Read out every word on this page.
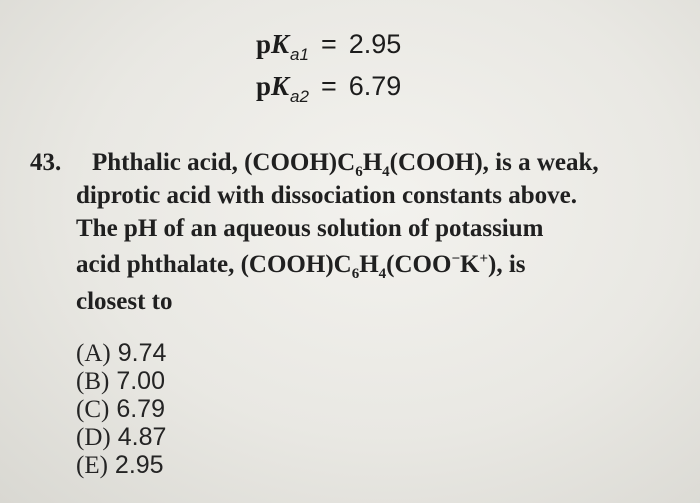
$pK_{a1} = 2.95$
$pK_{a2} = 6.79$
43. Phthalic acid, $(COOH)C_6H_4(COOH)$, is a weak,
diprotic acid with dissociation constants above.
The pH of an aqueous solution of potassium
acid phthalate, $(COOH)C_6H_4(COO^-K^+)$, is
closest to
(A) 9.74
(B) 7.00
(C) 6.79
(D) 4.87
(E) 2.95
